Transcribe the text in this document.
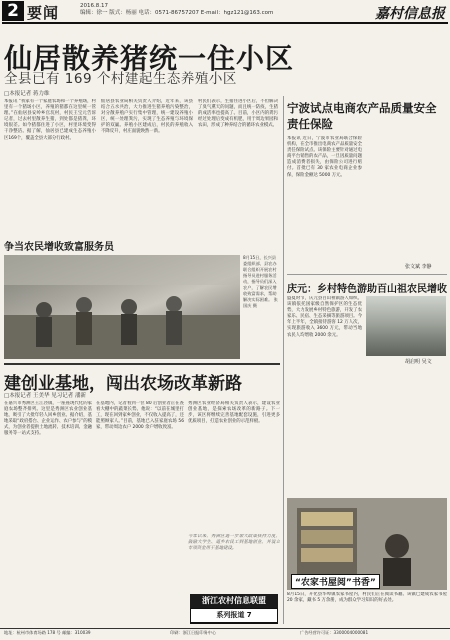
2 要闻	2016.8.17
编辑：徐一 版式：杨丽 电话：0571-86757207 E-mail：hgz121@163.com	嘉村信息报
仙居散养猪统一住小区
全县已有 169 个村建起生态养殖小区
□本报记者 蒋力维
本报讯 “我家有一个家庭农场和一个养殖场，村里有一个猪场小区，养殖的猪都在这里统一管理。”在仙居县安岭乡官坑村，村民王宝元告诉记者，过去村里散养生猪，到处都是猪粪，环境很差。如今猪都住进了小区，村里环境变得干净整洁。据了解，仙居县已建成生态养殖小区169个，覆盖全县大部分行政村。
仙居县农业局相关负责人介绍，近年来，该县结合五水共治，大力推进生猪养殖污染整治，对分散养殖户实行集中管理，统一建设养殖小区，统一处理粪污，实现了生态养殖与环境保护的双赢。养殖小区建成后，村民的养殖收入不降反升，村庄面貌焕然一新。
村民们表示，生猪住进小区后，不但解决了臭气熏天的问题，而且统一防疫，生猪的成活率也提高了。目前，小区内的粪污经过处理后变成有机肥，用于周边果园和农田，形成了种养结合的循环农业模式。
争当农民增收致富服务员
8月15日，长兴县委组织部、县农办联合组织开展农村指导员进村服务活动，指导员们深入农户，了解农民增收致富需求，帮助解决实际困难。 张国庆 摄
建创业基地，闯出农场改革新路
□本报记者 王美华 见习记者 潘新
在嘉兴市秀洲区王江泾镇，一座座现代化的家庭农场整齐排列。这里是秀洲区农业创业基地，吸引了大批年轻人回乡创业。据介绍，基地采取“政府搭台、企业运作、农户参与”的模式，为创业者提供土地流转、技术培训、金融服务等一站式支持。
在基地内，记者看到一位 80 后创业者正在查看大棚中的蔬菜长势。他说：“以前在城里打工，现在回到家乡创业，不仅收入提高了，还能照顾家人。”目前，基地已入驻家庭农场 56 家，带动周边农户 2000 余户增收致富。
秀洲区农业经济局相关负责人表示，建设农业创业基地，是探索农场改革的新路子。下一步，该区将继续完善基地配套设施，引进更多优质项目，打造农业创业的示范样板。
今年以来，秀洲区进一步加大政策扶持力度，鼓励大学生、返乡农民工到基地创业，并设立专项资金用于基地建设。
浙江农村信息联盟
系列报道 7
宁波试点电商农产品质量安全责任保险
本报讯 近日，宁波市农业局联合保险机构，在全市推出电商农产品质量安全责任保险试点。该保险主要针对通过电商平台销售的农产品，一旦因质量问题造成消费者损失，由保险公司进行赔付。首批已有 30 家农业电商企业参保，保险金额达 5000 万元。
张文斌 李静
庆元：乡村特色游助百山祖农民增收
盛夏时节，庆元县百山祖镇游人如织。该镇依托国家级自然保护区的生态优势，大力发展乡村特色旅游，开发了农家乐、民宿、生态采摘等旅游项目。今年上半年，全镇接待游客 12 万人次，实现旅游收入 3600 万元，带动当地农民人均增收 2000 余元。
胡启明 吴文
“农家书屋阅”书香”
8月15日，开化县华埠镇农家书屋内，村民们正在阅读书籍。该镇已建成农家书屋 20 余家，藏书 5 万余册，成为群众学习知识的好去处。
地址：杭州市体育场路 178 号 邮编：310039	印刷：浙江日报印务中心	广告经营许可证：3300004000081
